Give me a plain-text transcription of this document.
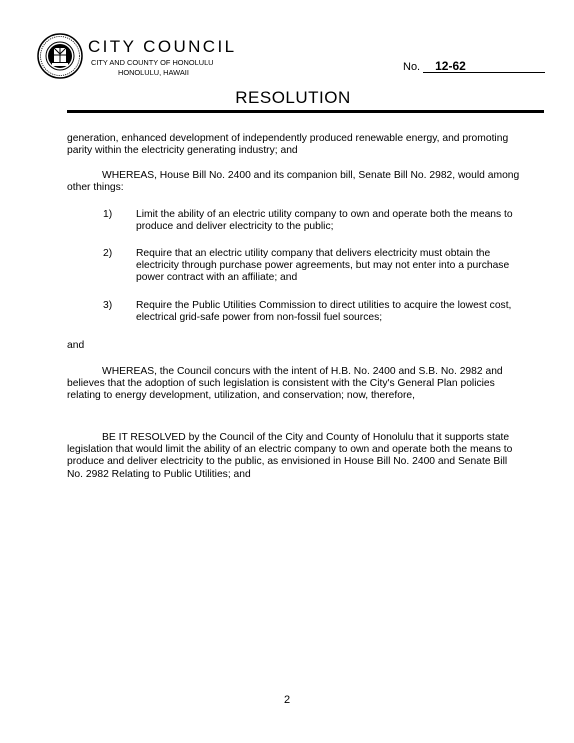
CITY COUNCIL
CITY AND COUNTY OF HONOLULU
HONOLULU, HAWAII	No. 12-62
RESOLUTION

generation, enhanced development of independently produced renewable energy, and promoting parity within the electricity generating industry; and

WHEREAS, House Bill No. 2400 and its companion bill, Senate Bill No. 2982, would among other things:

1) Limit the ability of an electric utility company to own and operate both the means to produce and deliver electricity to the public;
2) Require that an electric utility company that delivers electricity must obtain the electricity through purchase power agreements, but may not enter into a purchase power contract with an affiliate; and
3) Require the Public Utilities Commission to direct utilities to acquire the lowest cost, electrical grid-safe power from non-fossil fuel sources;

and

WHEREAS, the Council concurs with the intent of H.B. No. 2400 and S.B. No. 2982 and believes that the adoption of such legislation is consistent with the City's General Plan policies relating to energy development, utilization, and conservation; now, therefore,

BE IT RESOLVED by the Council of the City and County of Honolulu that it supports state legislation that would limit the ability of an electric company to own and operate both the means to produce and deliver electricity to the public, as envisioned in House Bill No. 2400 and Senate Bill No. 2982 Relating to Public Utilities; and

2
